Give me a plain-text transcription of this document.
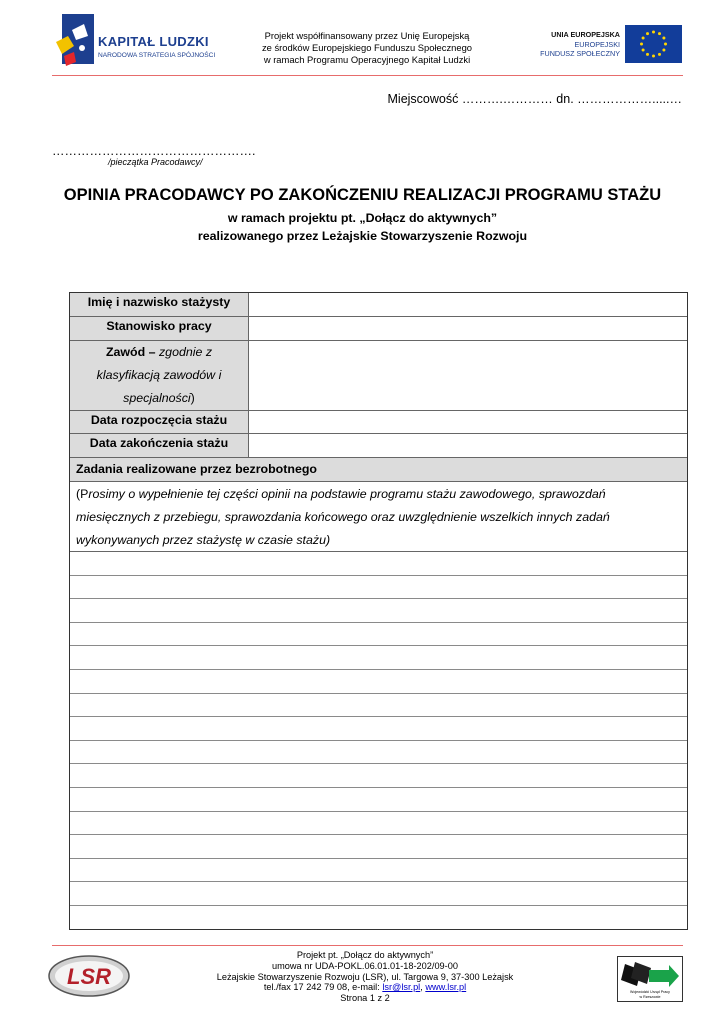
KAPITAŁ LUDZKI
NARODOWA STRATEGIA SPÓJNOŚCI
Projekt współfinansowany przez Unię Europejską
ze środków Europejskiego Funduszu Społecznego
w ramach Programu Operacyjnego Kapitał Ludzki
UNIA EUROPEJSKA
EUROPEJSKI
FUNDUSZ SPOŁECZNY
Miejscowość ……….………… dn. ……………….....…
………………………………………….
/pieczątka Pracodawcy/
OPINIA PRACODAWCY PO ZAKOŃCZENIU REALIZACJI PROGRAMU STAŻU
w ramach projektu pt. „Dołącz do aktywnych”
realizowanego przez Leżajskie Stowarzyszenie Rozwoju
Imię i nazwisko stażysty
Stanowisko pracy
Zawód – zgodnie z
klasyfikacją zawodów i
specjalności)
Data rozpoczęcia stażu
Data zakończenia stażu
Zadania realizowane przez bezrobotnego
(Prosimy o wypełnienie tej części opinii na podstawie programu stażu zawodowego, sprawozdań
miesięcznych z przebiegu, sprawozdania końcowego oraz uwzględnienie wszelkich innych zadań
wykonywanych przez stażystę w czasie stażu)
LSR
Projekt pt. „Dołącz do aktywnych”
umowa nr UDA-POKL.06.01.01-18-202/09-00
Leżajskie Stowarzyszenie Rozwoju (LSR), ul. Targowa 9, 37-300 Leżajsk
tel./fax 17 242 79 08, e-mail: lsr@lsr.pl, www.lsr.pl
Strona 1 z 2
Wojewódzki Urząd Pracy
w Rzeszowie
